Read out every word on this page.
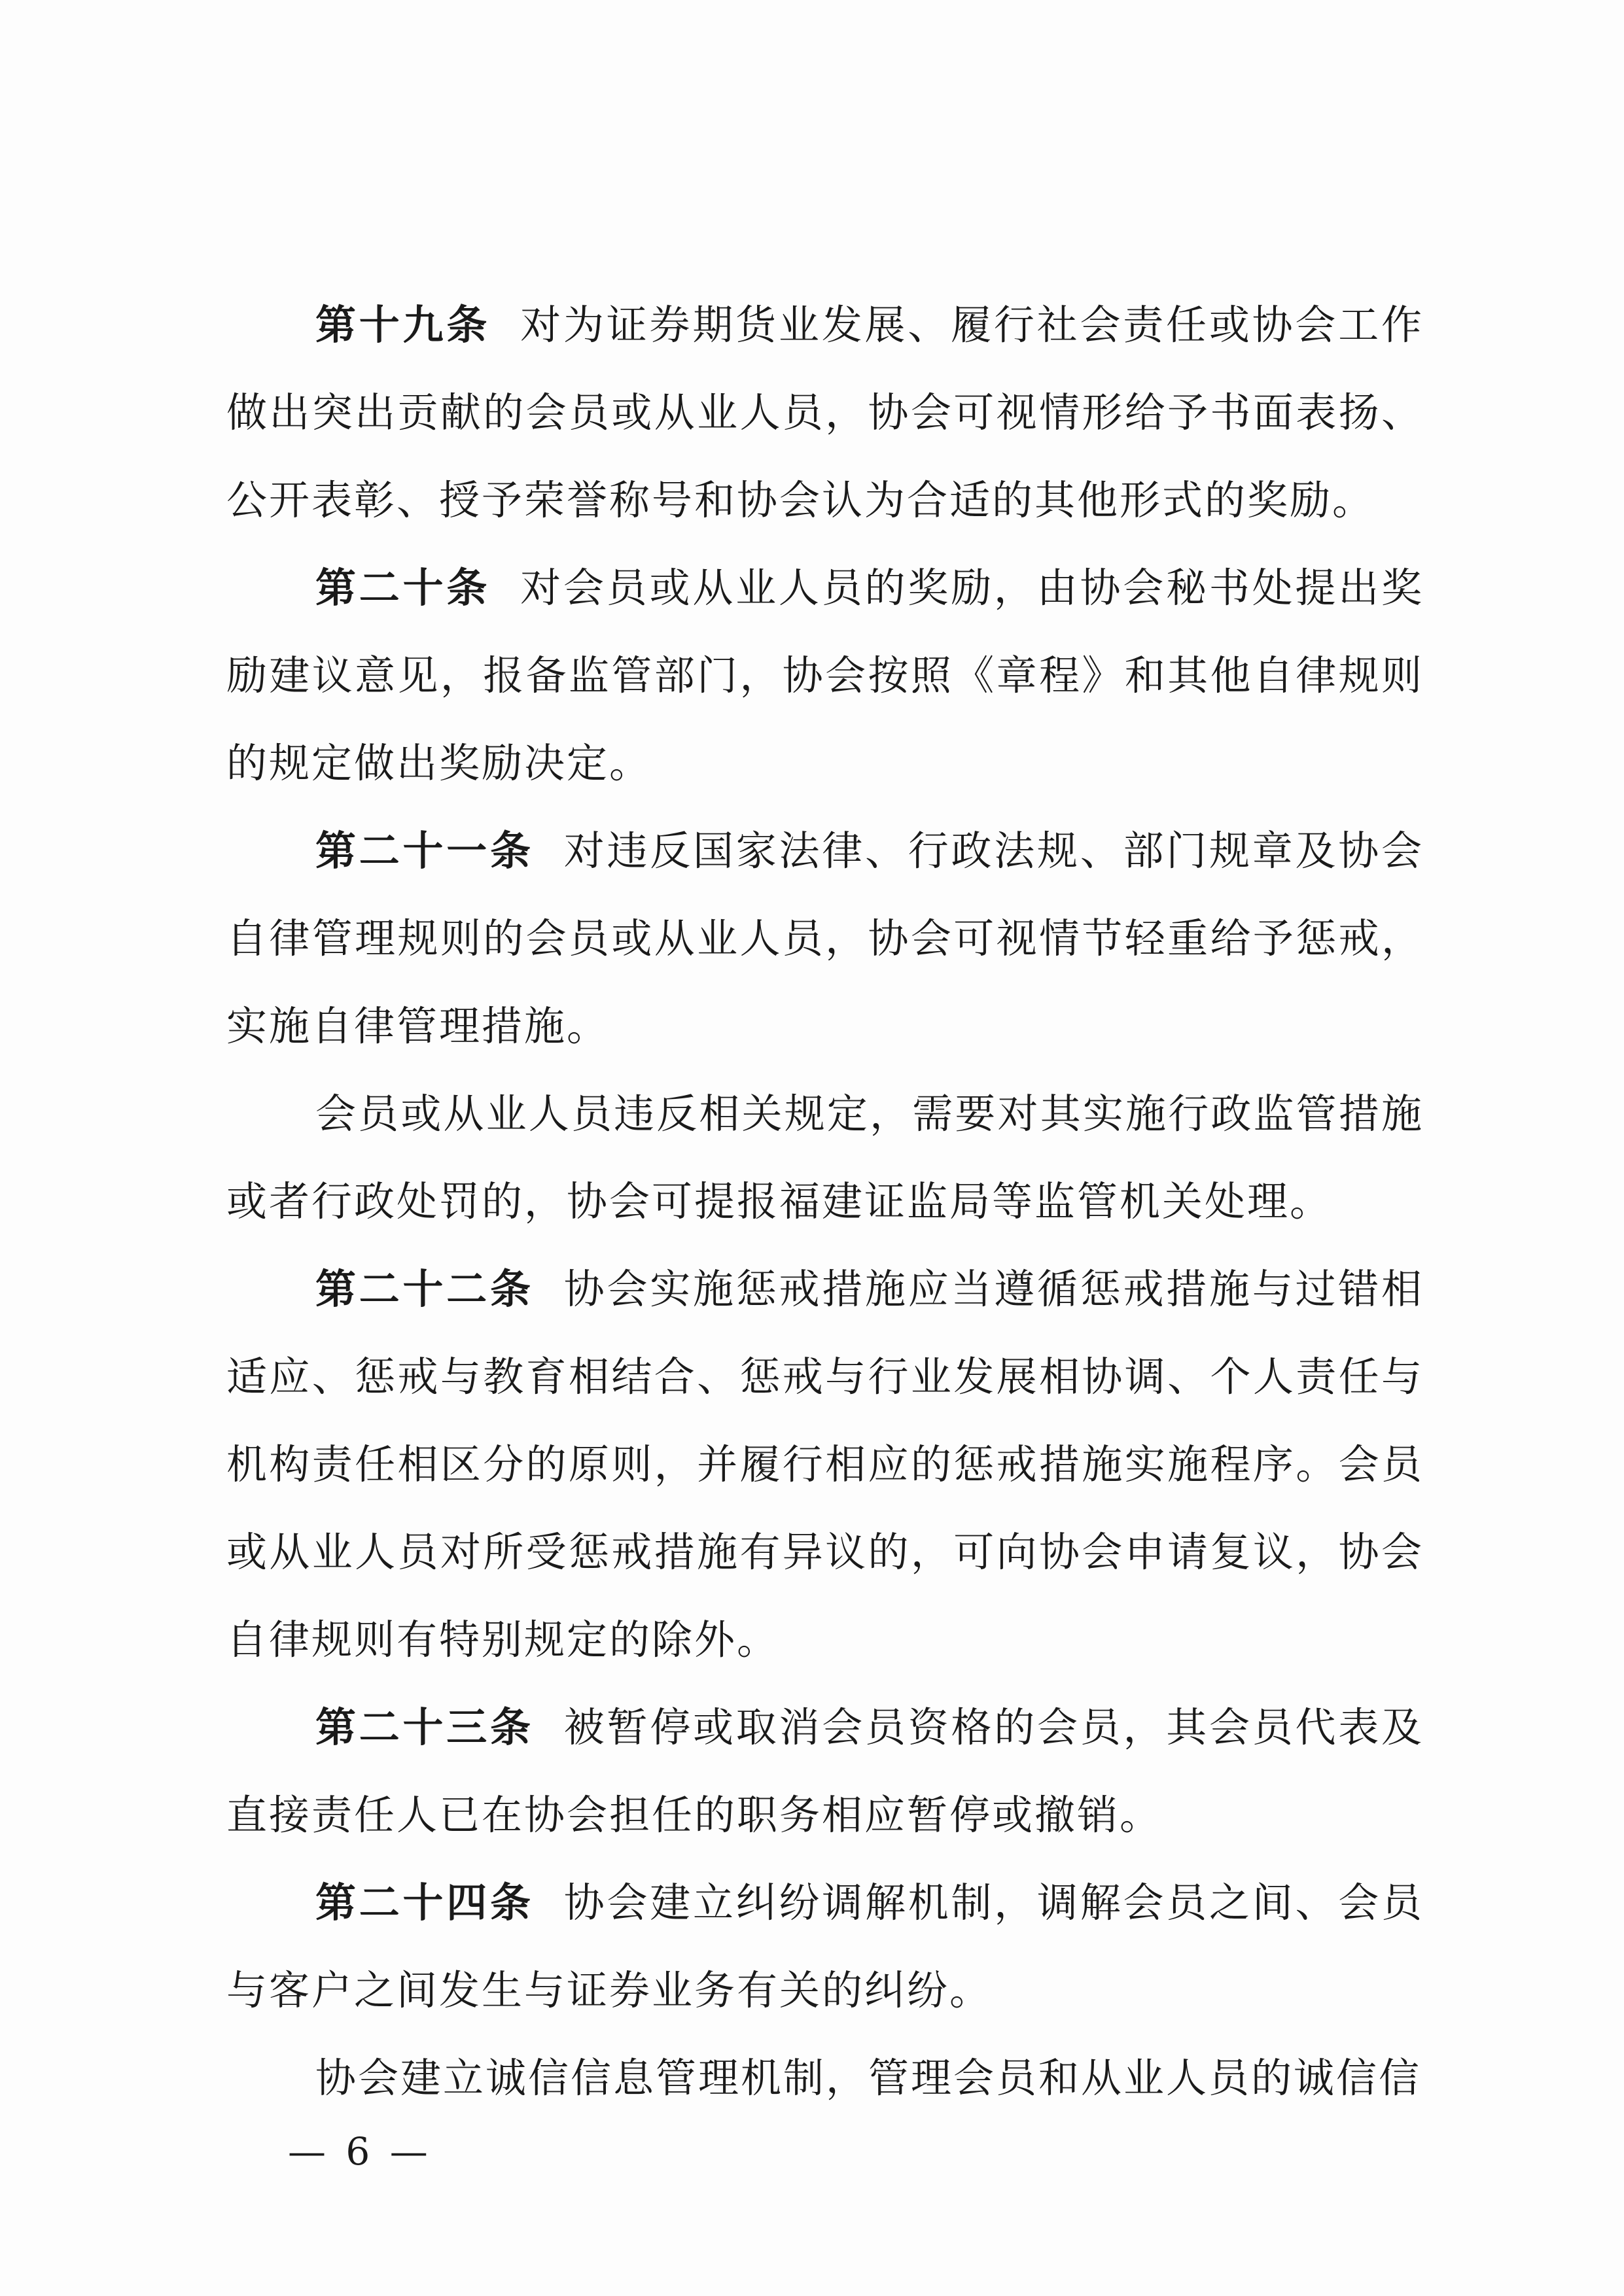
第十九条 对为证券期货业发展、履行社会责任或协会工作做出突出贡献的会员或从业人员，协会可视情形给予书面表扬、公开表彰、授予荣誉称号和协会认为合适的其他形式的奖励。

第二十条 对会员或从业人员的奖励，由协会秘书处提出奖励建议意见，报备监管部门，协会按照《章程》和其他自律规则的规定做出奖励决定。

第二十一条 对违反国家法律、行政法规、部门规章及协会自律管理规则的会员或从业人员，协会可视情节轻重给予惩戒，实施自律管理措施。

会员或从业人员违反相关规定，需要对其实施行政监管措施或者行政处罚的，协会可提报福建证监局等监管机关处理。

第二十二条 协会实施惩戒措施应当遵循惩戒措施与过错相适应、惩戒与教育相结合、惩戒与行业发展相协调、个人责任与机构责任相区分的原则，并履行相应的惩戒措施实施程序。会员或从业人员对所受惩戒措施有异议的，可向协会申请复议，协会自律规则有特别规定的除外。

第二十三条 被暂停或取消会员资格的会员，其会员代表及直接责任人已在协会担任的职务相应暂停或撤销。

第二十四条 协会建立纠纷调解机制，调解会员之间、会员与客户之间发生与证券业务有关的纠纷。

协会建立诚信信息管理机制，管理会员和从业人员的诚信信

— 6 —
